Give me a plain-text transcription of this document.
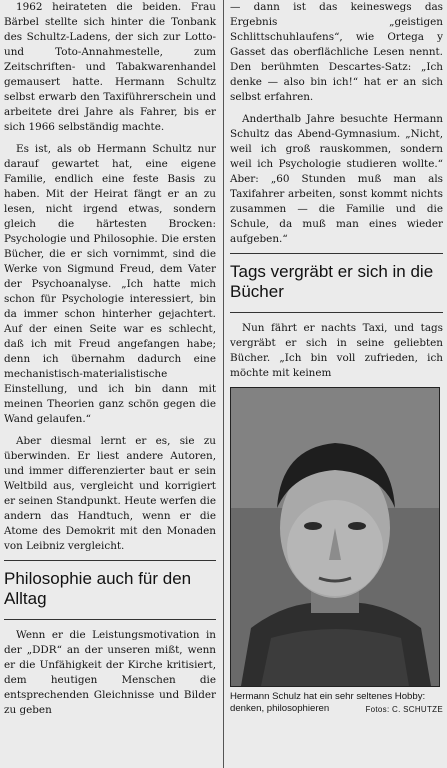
1962 heirateten die beiden. Frau Bärbel stellte sich hinter die Tonbank des Schultz-Ladens, der sich zur Lotto- und Toto-Annahmestelle, zum Zeitschriften- und Tabakwarenhandel gemausert hatte. Hermann Schultz selbst erwarb den Taxiführerschein und arbeitete drei Jahre als Fahrer, bis er sich 1966 selbständig machte.

Es ist, als ob Hermann Schultz nur darauf gewartet hat, eine eigene Familie, endlich eine feste Basis zu haben. Mit der Heirat fängt er an zu lesen, nicht irgend etwas, sondern gleich die härtesten Brocken: Psychologie und Philosophie. Die ersten Bücher, die er sich vornimmt, sind die Werke von Sigmund Freud, dem Vater der Psychoanalyse. „Ich hatte mich schon für Psychologie interessiert, bin da immer schon hinterher gejachtert. Auf der einen Seite war es schlecht, daß ich mit Freud angefangen habe; denn ich übernahm dadurch eine mechanistisch-materialistische Einstellung, und ich bin dann mit meinen Theorien ganz schön gegen die Wand gelaufen.“

Aber diesmal lernt er es, sie zu überwinden. Er liest andere Autoren, und immer differenzierter baut er sein Weltbild aus, vergleicht und korrigiert er seinen Standpunkt. Heute werfen die andern das Handtuch, wenn er die Atome des Demokrit mit den Monaden von Leibniz vergleicht.

Philosophie auch für den Alltag

Wenn er die Leistungsmotivation in der „DDR“ an der unseren mißt, wenn er die Unfähigkeit der Kirche kritisiert, dem heutigen Menschen die entsprechenden Gleichnisse und Bilder zu geben

— dann ist das keineswegs das Ergebnis „geistigen Schlittschuhlaufens“, wie Ortega y Gasset das oberflächliche Lesen nennt. Den berühmten Descartes-Satz: „Ich denke — also bin ich!“ hat er an sich selbst erfahren.

Anderthalb Jahre besuchte Hermann Schultz das Abend-Gymnasium. „Nicht, weil ich groß rauskommen, sondern weil ich Psychologie studieren wollte.“ Aber: „60 Stunden muß man als Taxifahrer arbeiten, sonst kommt nichts zusammen — die Familie und die Schule, da muß man eines wieder aufgeben.“

Tags vergräbt er sich in die Bücher

Nun fährt er nachts Taxi, und tags vergräbt er sich in seine geliebten Bücher. „Ich bin voll zufrieden, ich möchte mit keinem

Hermann Schulz hat ein sehr seltenes Hobby: denken, philosophieren	Fotos: C. SCHUTZE
